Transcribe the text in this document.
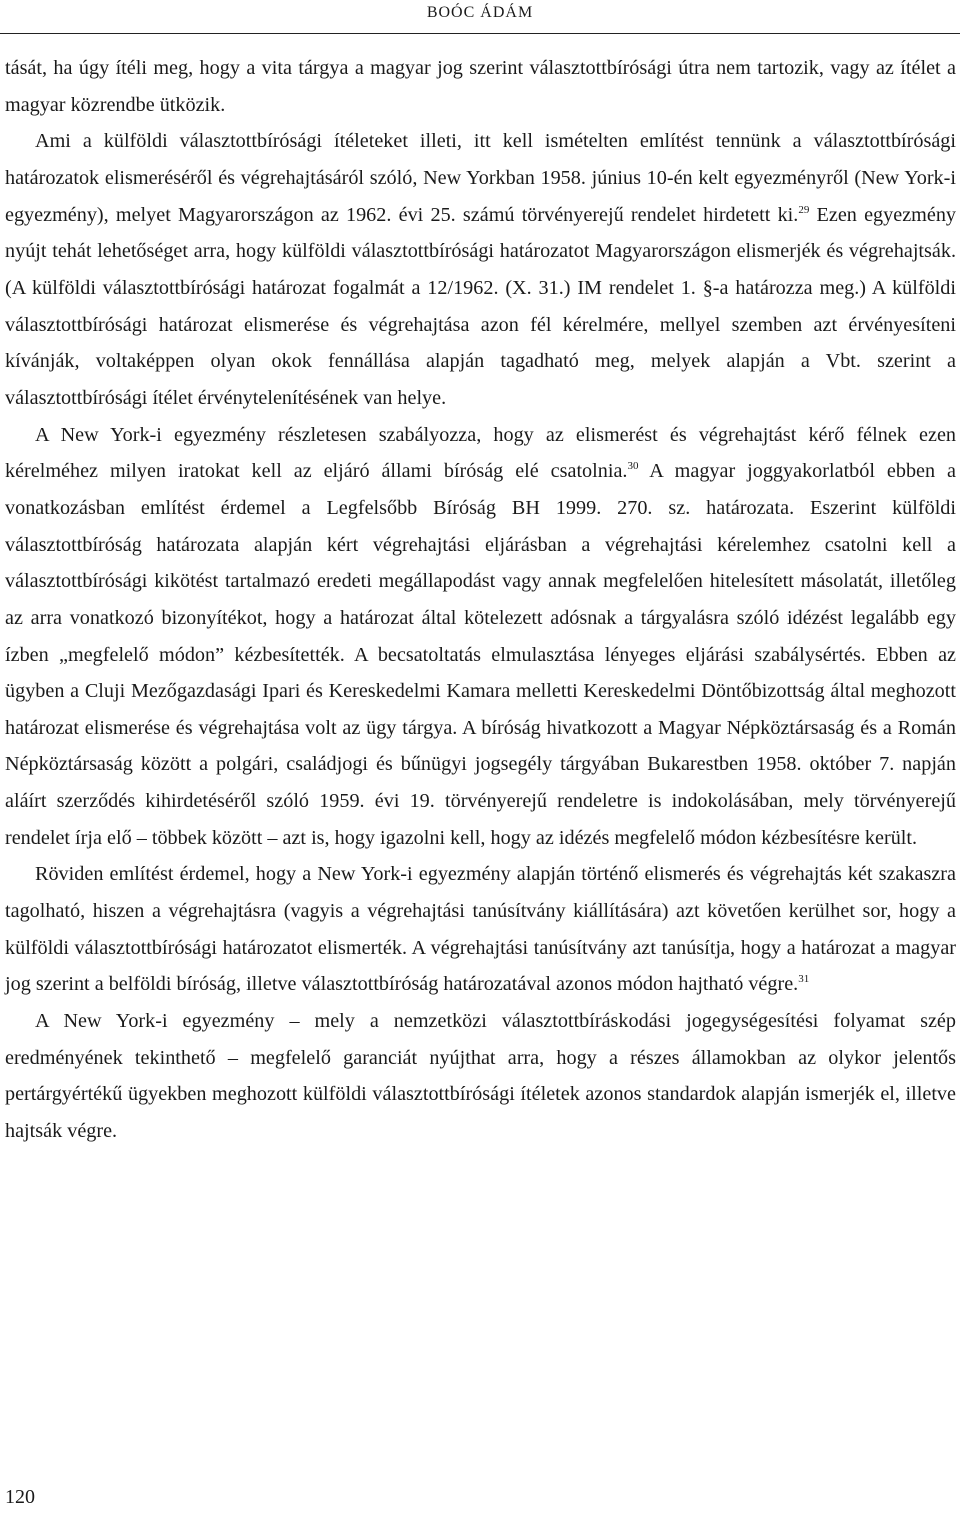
BOÓC ÁDÁM

tását, ha úgy ítéli meg, hogy a vita tárgya a magyar jog szerint választottbírósági útra nem tartozik, vagy az ítélet a magyar közrendbe ütközik.

Ami a külföldi választottbírósági ítéleteket illeti, itt kell ismételten említést tennünk a választottbírósági határozatok elismeréséről és végrehajtásáról szóló, New Yorkban 1958. június 10-én kelt egyezményről (New York-i egyezmény), melyet Magyarországon az 1962. évi 25. számú törvényerejű rendelet hirdetett ki.$^{29}$ Ezen egyezmény nyújt tehát lehetőséget arra, hogy külföldi választottbírósági határozatot Magyarországon elismerjék és végrehajtsák. (A külföldi választottbírósági határozat fogalmát a 12/1962. (X. 31.) IM rendelet 1. §-a határozza meg.) A külföldi választottbírósági határozat elismerése és végrehajtása azon fél kérelmére, mellyel szemben azt érvényesíteni kívánják, voltaképpen olyan okok fennállása alapján tagadható meg, melyek alapján a Vbt. szerint a választottbírósági ítélet érvénytelenítésének van helye.

A New York-i egyezmény részletesen szabályozza, hogy az elismerést és végrehajtást kérő félnek ezen kérelméhez milyen iratokat kell az eljáró állami bíróság elé csatolnia.$^{30}$ A magyar joggyakorlatból ebben a vonatkozásban említést érdemel a Legfelsőbb Bíróság BH 1999. 270. sz. határozata. Eszerint külföldi választottbíróság határozata alapján kért végrehajtási eljárásban a végrehajtási kérelemhez csatolni kell a választottbírósági kikötést tartalmazó eredeti megállapodást vagy annak megfelelően hitelesített másolatát, illetőleg az arra vonatkozó bizonyítékot, hogy a határozat által kötelezett adósnak a tárgyalásra szóló idézést legalább egy ízben „megfelelő módon” kézbesítették. A becsatoltatás elmulasztása lényeges eljárási szabálysértés. Ebben az ügyben a Cluji Mezőgazdasági Ipari és Kereskedelmi Kamara melletti Kereskedelmi Döntőbizottság által meghozott határozat elismerése és végrehajtása volt az ügy tárgya. A bíróság hivatkozott a Magyar Népköztársaság és a Román Népköztársaság között a polgári, családjogi és bűnügyi jogsegély tárgyában Bukarestben 1958. október 7. napján aláírt szerződés kihirdetéséről szóló 1959. évi 19. törvényerejű rendeletre is indokolásában, mely törvényerejű rendelet írja elő – többek között – azt is, hogy igazolni kell, hogy az idézés megfelelő módon kézbesítésre került.

Röviden említést érdemel, hogy a New York-i egyezmény alapján történő elismerés és végrehajtás két szakaszra tagolható, hiszen a végrehajtásra (vagyis a végrehajtási tanúsítvány kiállítására) azt követően kerülhet sor, hogy a külföldi választottbírósági határozatot elismerték. A végrehajtási tanúsítvány azt tanúsítja, hogy a határozat a magyar jog szerint a belföldi bíróság, illetve választottbíróság határozatával azonos módon hajtható végre.$^{31}$

A New York-i egyezmény – mely a nemzetközi választottbíráskodási jogegységesítési folyamat szép eredményének tekinthető – megfelelő garanciát nyújthat arra, hogy a részes államokban az olykor jelentős pertárgyértékű ügyekben meghozott külföldi választottbírósági ítéletek azonos standardok alapján ismerjék el, illetve hajtsák végre.

120
